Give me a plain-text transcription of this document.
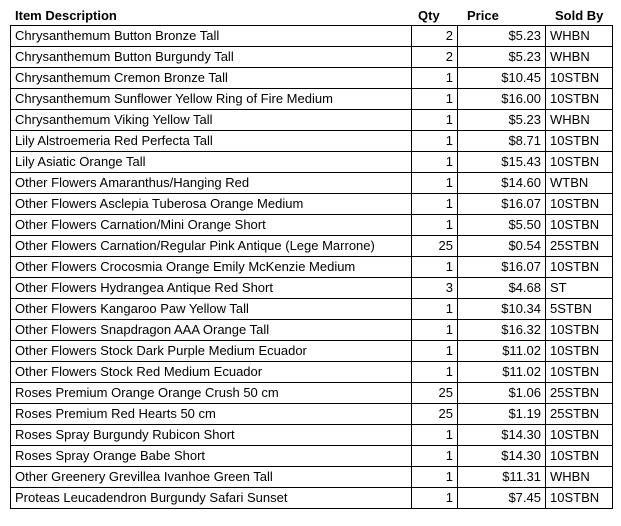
Item Description	Qty	Price	Sold By
Chrysanthemum Button Bronze Tall	2	$5.23	WHBN
Chrysanthemum Button Burgundy Tall	2	$5.23	WHBN
Chrysanthemum Cremon Bronze Tall	1	$10.45	10STBN
Chrysanthemum Sunflower Yellow Ring of Fire Medium	1	$16.00	10STBN
Chrysanthemum Viking Yellow Tall	1	$5.23	WHBN
Lily Alstroemeria Red Perfecta Tall	1	$8.71	10STBN
Lily Asiatic Orange Tall	1	$15.43	10STBN
Other Flowers Amaranthus/Hanging Red	1	$14.60	WTBN
Other Flowers Asclepia Tuberosa Orange Medium	1	$16.07	10STBN
Other Flowers Carnation/Mini Orange Short	1	$5.50	10STBN
Other Flowers Carnation/Regular Pink Antique (Lege Marrone)	25	$0.54	25STBN
Other Flowers Crocosmia Orange Emily McKenzie Medium	1	$16.07	10STBN
Other Flowers Hydrangea Antique Red Short	3	$4.68	ST
Other Flowers Kangaroo Paw Yellow Tall	1	$10.34	5STBN
Other Flowers Snapdragon AAA Orange Tall	1	$16.32	10STBN
Other Flowers Stock Dark Purple Medium Ecuador	1	$11.02	10STBN
Other Flowers Stock Red Medium Ecuador	1	$11.02	10STBN
Roses Premium Orange Orange Crush 50 cm	25	$1.06	25STBN
Roses Premium Red Hearts 50 cm	25	$1.19	25STBN
Roses Spray Burgundy Rubicon Short	1	$14.30	10STBN
Roses Spray Orange Babe Short	1	$14.30	10STBN
Other Greenery Grevillea Ivanhoe Green Tall	1	$11.31	WHBN
Proteas Leucadendron Burgundy Safari Sunset	1	$7.45	10STBN
